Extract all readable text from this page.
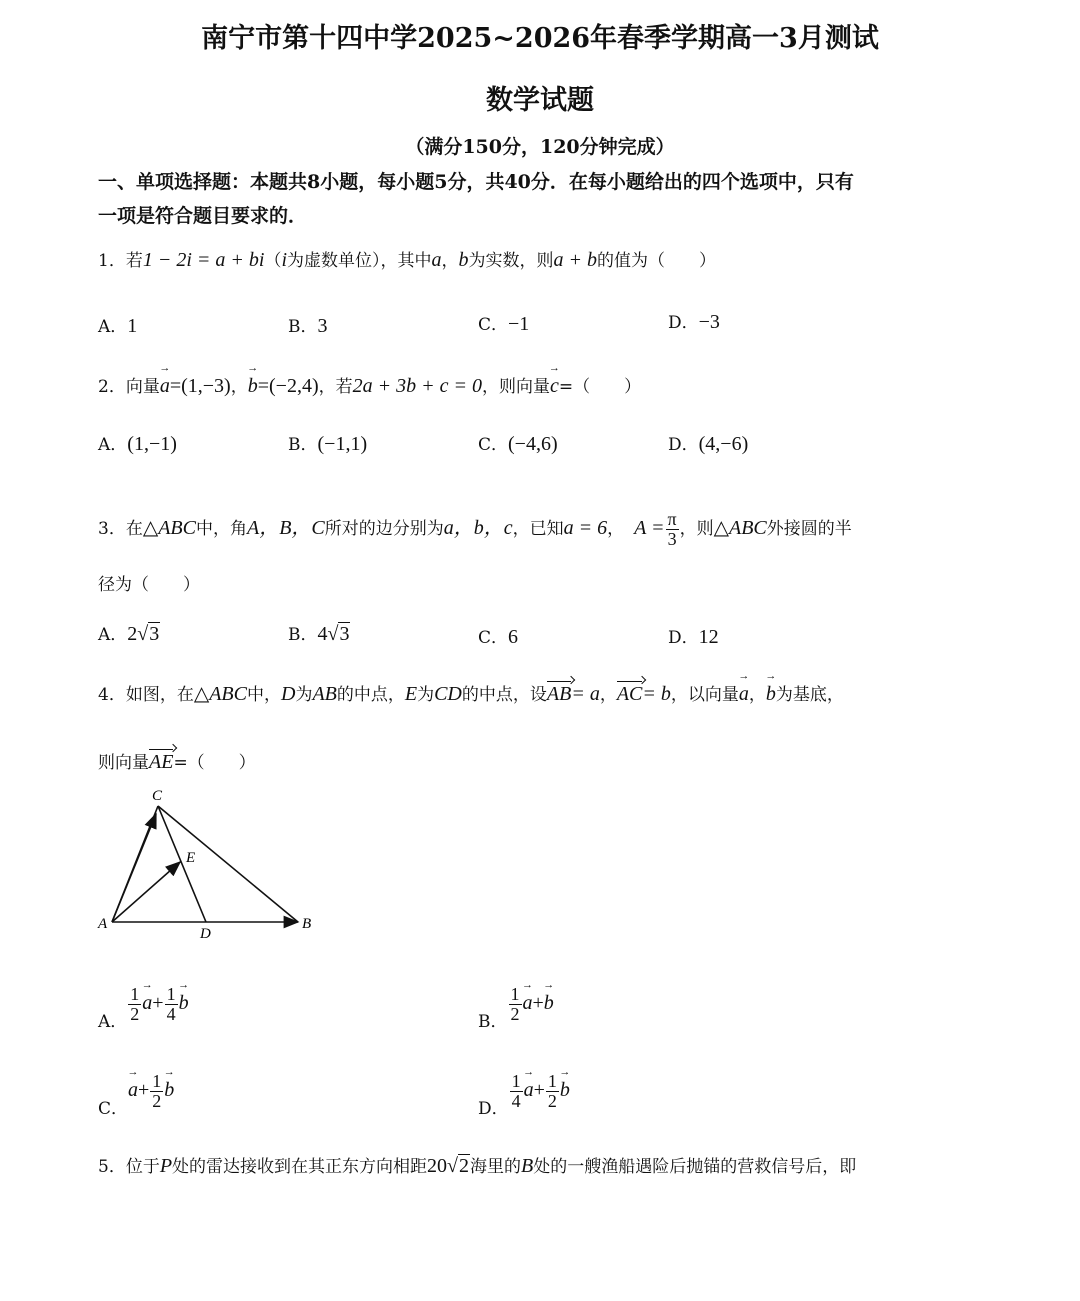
南宁市第十四中学2025~2026年春季学期高一3月测试
数学试题
（满分150分，120分钟完成）
一、单项选择题：本题共8小题，每小题5分，共40分．在每小题给出的四个选项中，只有
一项是符合题目要求的．
1．若1 − 2i = a + bi（i为虚数单位），其中a，b为实数，则a + b的值为（　　）
A．1	B．3	C．−1	D．−3
2．向量→ a=(1,−3)，→ b=(−2,4)，若2a + 3b + c = 0，则向量→ c=（　　）
A．(1,−1)	B．(−1,1)	C．(−4,6)	D．(4,−6)
3．在△ABC中，角A，B，C所对的边分别为a，b，c，已知a = 6， $A = \frac{\pi}{3}$ ，则△ABC外接圆的半
径为（　　）
A．2√3	B．4√3	C．6	D．12
4．如图，在△ABC中，D为AB的中点，E为CD的中点，设AB= a，AC= b，以向量→ a，→ b为基底，
则向量AE=（　　）
C
E
A
D
B
A． $\frac{1}{2}$
→ $a+ \frac{1}{4}$
→ b
B． $\frac{1}{2}$
→ a+→ b
C．→ $a+ \frac{1}{2}$
→ b
D． $\frac{1}{4}$
→ $a+ \frac{1}{2}$
→ b
5．位于P处的雷达接收到在其正东方向相距20√2海里的B处的一艘渔船遇险后抛锚的营救信号后，即
